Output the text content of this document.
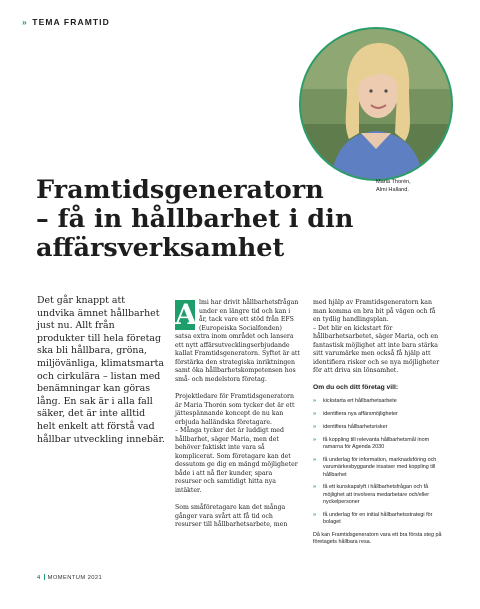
» TEMA FRAMTID
Maria Thorén,
Almi Halland.
Framtidsgeneratorn
– få in hållbarhet i din
affärsverksamhet

Det går knappt att undvika ämnet hållbarhet just nu. Allt från produkter till hela företag ska bli hållbara, gröna, miljövänliga, klimatsmarta och cirkulära – listan med benämningar kan göras lång. En sak är i alla fall säker, det är inte alltid helt enkelt att förstå vad hållbar utveckling innebär.

A lmi har drivit hållbarhetsfrågan under en längre tid och kan i år, tack vare ett stöd från EFS (Europeiska Socialfonden) satsa extra inom området och lansera ett nytt affärsutvecklingserbjudande kallat Framtidsgeneratorn. Syftet är att förstärka den strategiska inriktningen samt öka hållbarhetskompetensen hos små- och medelstora företag.

Projektledare för Framtidsgeneratorn är Maria Thorén som tycker det är ett jättespännande koncept de nu kan erbjuda halländska företagare.

– Många tycker det är luddigt med hållbarhet, säger Maria, men det behöver faktiskt inte vara så komplicerat. Som företagare kan det dessutom ge dig en mängd möjligheter både i att nå fler kunder, spara resurser och samtidigt hitta nya intäkter.

Som småföretagare kan det många gånger vara svårt att få tid och resurser till hållbarhetsarbete, men

med hjälp av Framtidsgeneratorn kan man komma en bra bit på vägen och få en tydlig handlingsplan.

– Det blir en kickstart för hållbarhetsarbetet, säger Maria, och en fantastisk möjlighet att inte bara stärka sitt varumärke men också få hjälp att identifiera risker och se nya möjligheter för att driva sin lönsamhet.

Om du och ditt företag vill:
» kickstarta ert hållbarhetsarbete
» identifiera nya affärsmöjligheter
» identifiera hållbarhetsrisker
» få koppling till relevanta hållbarhetsmål inom ramarna för Agenda 2030
» få underlag för information, marknadsföring och varumärkesbyggande insatser med koppling till hållbarhet
» få ett kunskapslyft i hållbarhetsfrågan och få möjlighet att involvera medarbetare och/eller nyckelpersoner
» få underlag för en initial hållbarhetsstrategi för bolaget
Då kan Framtidsgeneratorn vara ett bra första steg på företagets hållbara resa.
4 MOMENTUM 2021
